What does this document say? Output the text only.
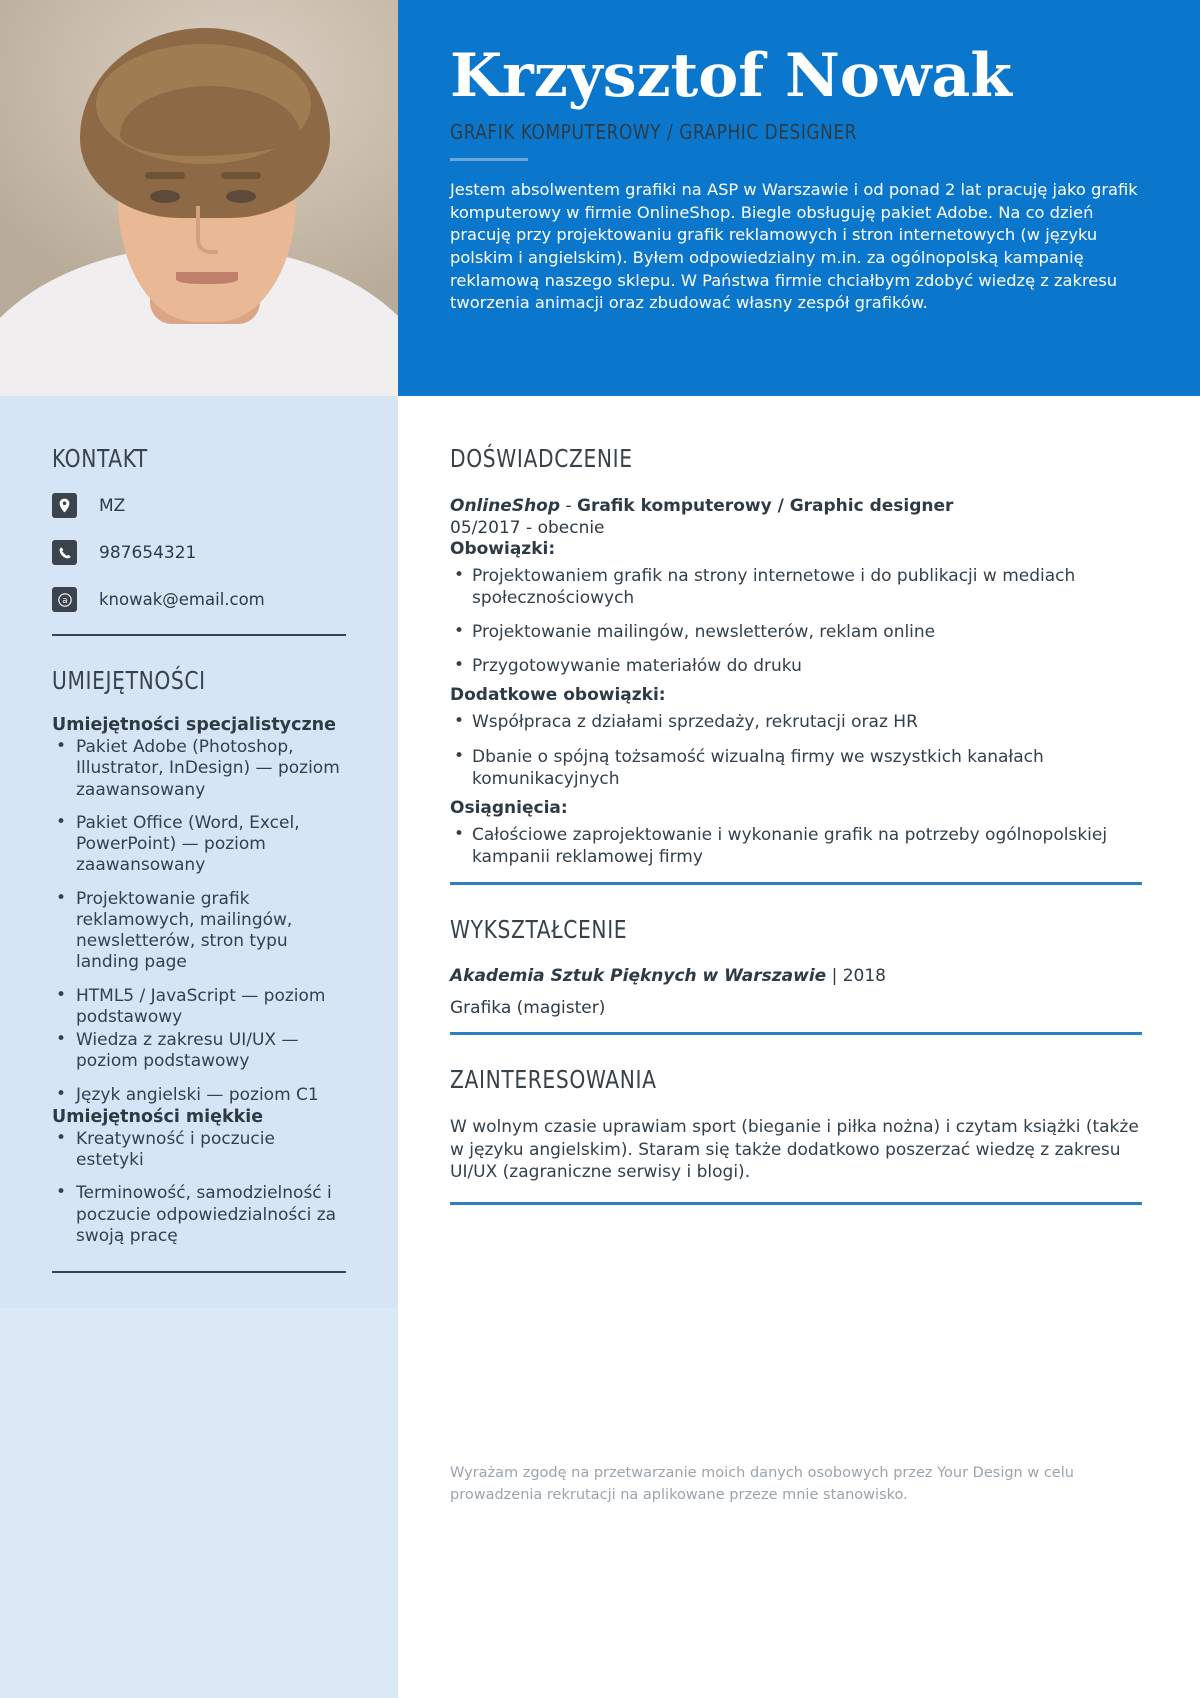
Krzysztof Nowak
GRAFIK KOMPUTEROWY / GRAPHIC DESIGNER

Jestem absolwentem grafiki na ASP w Warszawie i od ponad 2 lat pracuję jako grafik komputerowy w firmie OnlineShop. Biegle obsługuję pakiet Adobe. Na co dzień pracuję przy projektowaniu grafik reklamowych i stron internetowych (w języku polskim i angielskim). Byłem odpowiedzialny m.in. za ogólnopolską kampanię reklamową naszego sklepu. W Państwa firmie chciałbym zdobyć wiedzę z zakresu tworzenia animacji oraz zbudować własny zespół grafików.

KONTAKT
MZ
987654321
a knowak@email.com
UMIEJĘTNOŚCI
Umiejętności specjalistyczne
• Pakiet Adobe (Photoshop, Illustrator, InDesign) — poziom zaawansowany
• Pakiet Office (Word, Excel, PowerPoint) — poziom zaawansowany
• Projektowanie grafik reklamowych, mailingów, newsletterów, stron typu landing page
• HTML5 / JavaScript — poziom podstawowy
• Wiedza z zakresu UI/UX — poziom podstawowy
• Język angielski — poziom C1
Umiejętności miękkie
• Kreatywność i poczucie estetyki
• Terminowość, samodzielność i poczucie odpowiedzialności za swoją pracę
DOŚWIADCZENIE

OnlineShop - Grafik komputerowy / Graphic designer

05/2017 - obecnie

Obowiązki:

• Projektowaniem grafik na strony internetowe i do publikacji w mediach społecznościowych
• Projektowanie mailingów, newsletterów, reklam online
• Przygotowywanie materiałów do druku

Dodatkowe obowiązki:

• Współpraca z działami sprzedaży, rekrutacji oraz HR
• Dbanie o spójną tożsamość wizualną firmy we wszystkich kanałach komunikacyjnych

Osiągnięcia:

• Całościowe zaprojektowanie i wykonanie grafik na potrzeby ogólnopolskiej kampanii reklamowej firmy
WYKSZTAŁCENIE

Akademia Sztuk Pięknych w Warszawie | 2018

Grafika (magister)

ZAINTERESOWANIA

W wolnym czasie uprawiam sport (bieganie i piłka nożna) i czytam książki (także w języku angielskim). Staram się także dodatkowo poszerzać wiedzę z zakresu UI/UX (zagraniczne serwisy i blogi).

Wyrażam zgodę na przetwarzanie moich danych osobowych przez Your Design w celu prowadzenia rekrutacji na aplikowane przeze mnie stanowisko.
